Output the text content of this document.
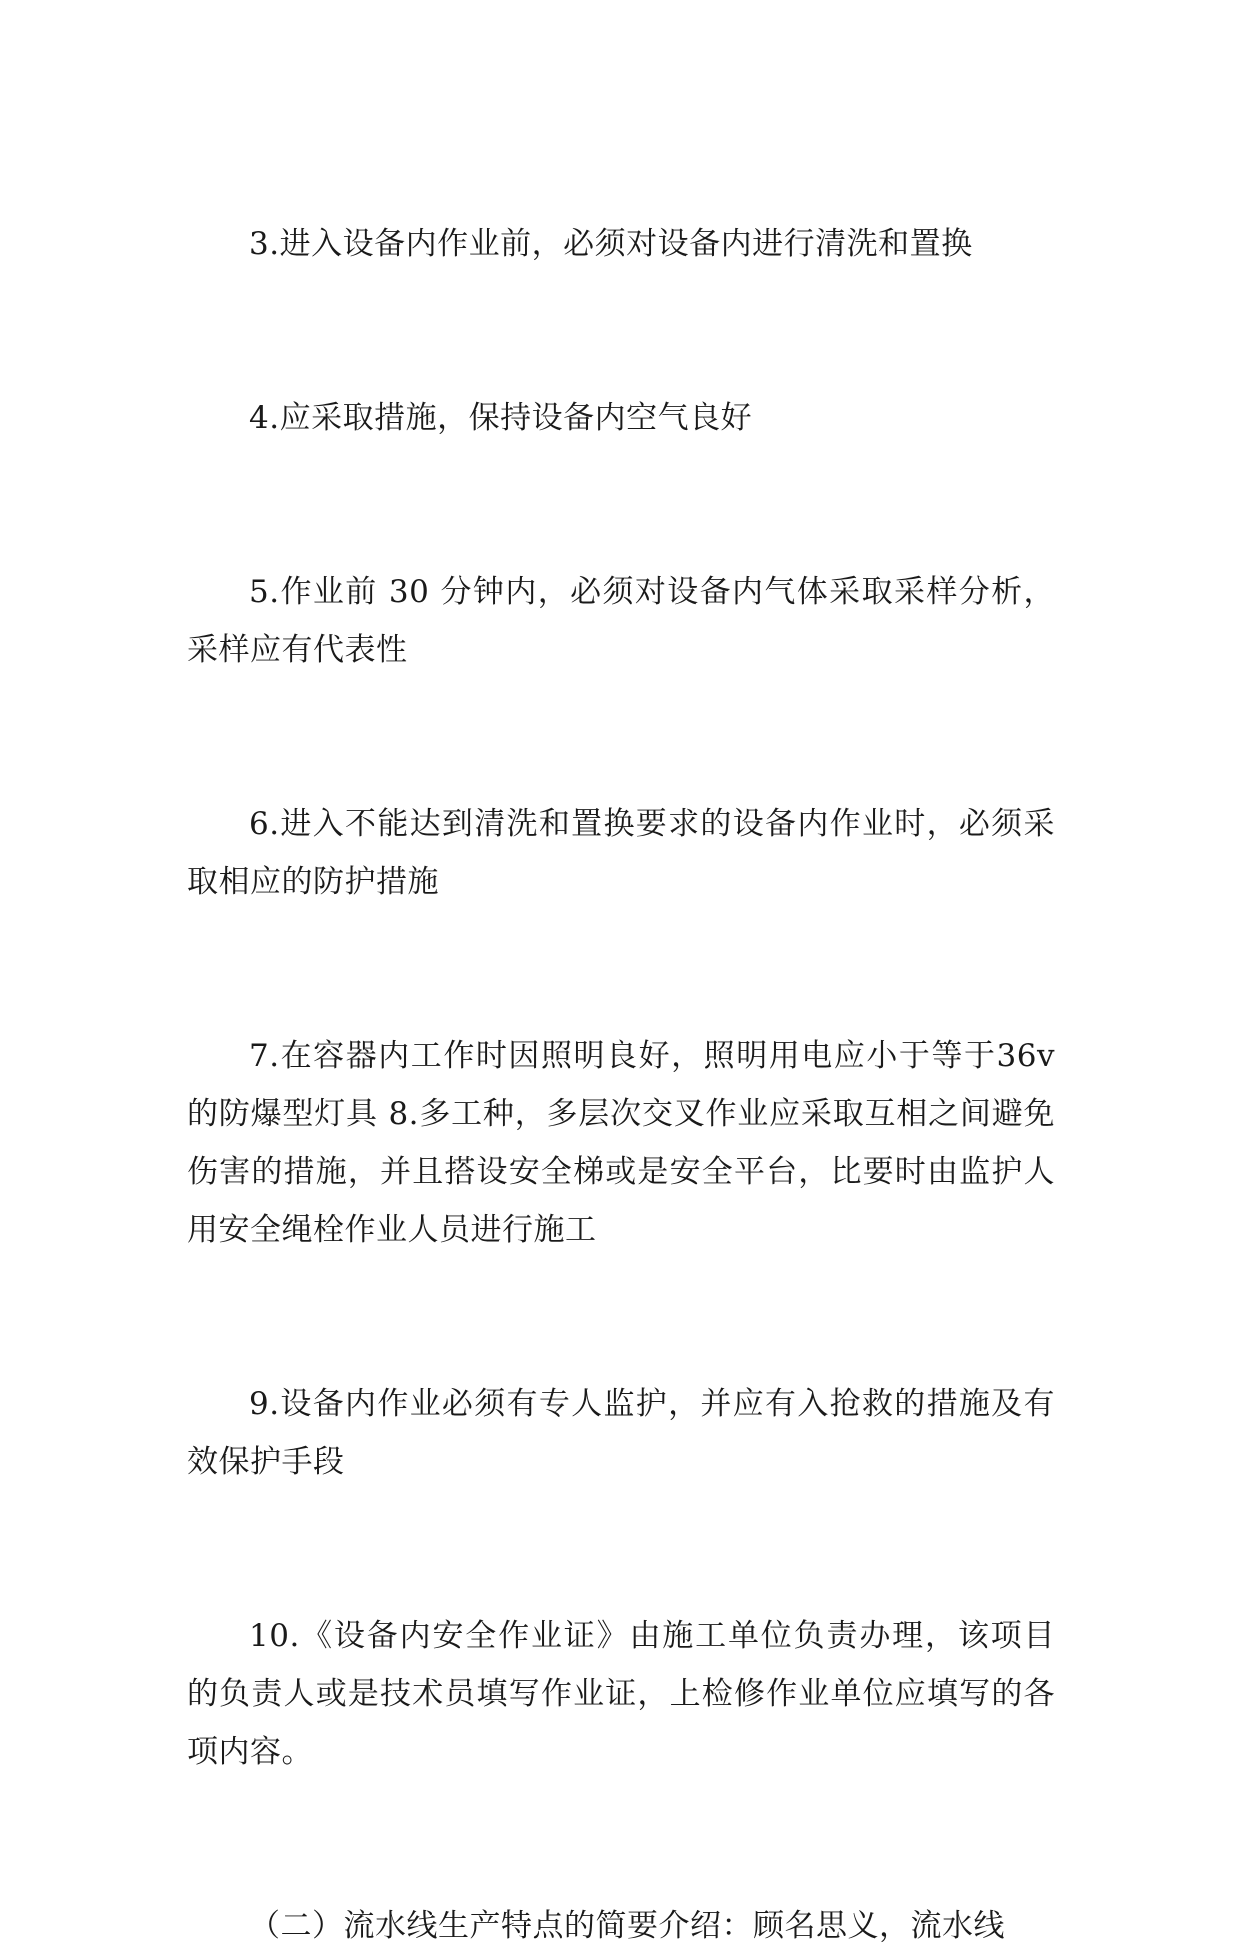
3.进入设备内作业前，必须对设备内进行清洗和置换

4.应采取措施，保持设备内空气良好

5.作业前 30 分钟内，必须对设备内气体采取采样分析，采样应有代表性

6.进入不能达到清洗和置换要求的设备内作业时，必须采取相应的防护措施

7.在容器内工作时因照明良好，照明用电应小于等于36v 的防爆型灯具 8.多工种，多层次交叉作业应采取互相之间避免伤害的措施，并且搭设安全梯或是安全平台，比要时由监护人用安全绳栓作业人员进行施工

9.设备内作业必须有专人监护，并应有入抢救的措施及有效保护手段

10.《设备内安全作业证》由施工单位负责办理，该项目的负责人或是技术员填写作业证，上检修作业单位应填写的各项内容。

（二）流水线生产特点的简要介绍：顾名思义，流水线
